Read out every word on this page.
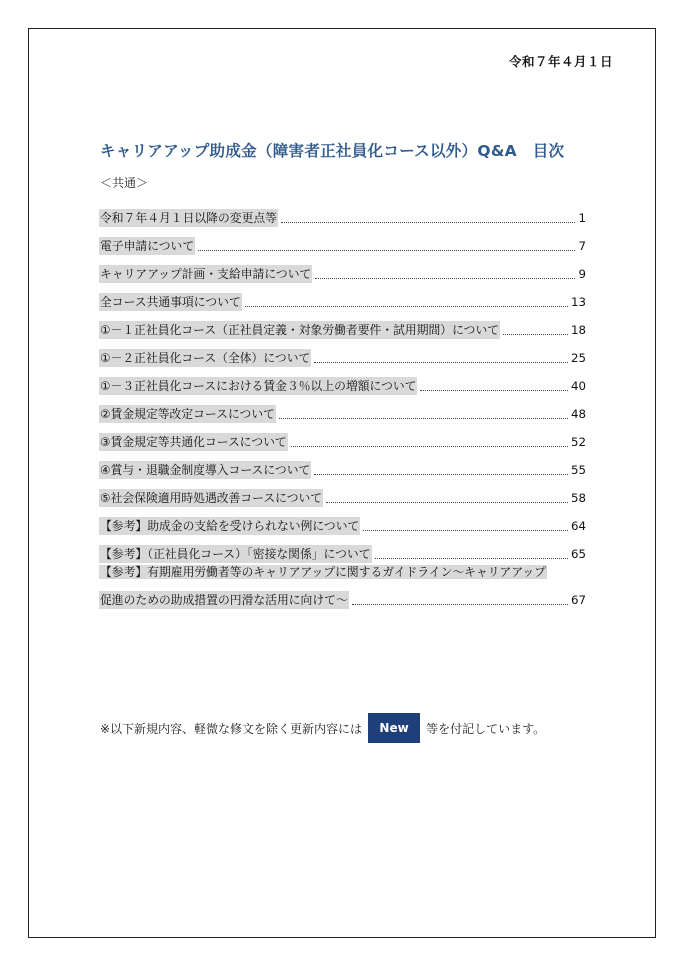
令和７年４月１日
キャリアアップ助成金（障害者正社員化コース以外）Q&A　目次
＜共通＞
令和７年４月１日以降の変更点等	1
電子申請について	7
キャリアアップ計画・支給申請について	9
全コース共通事項について	13
①－１正社員化コース（正社員定義・対象労働者要件・試用期間）について	18
①－２正社員化コース（全体）について	25
①－３正社員化コースにおける賃金３％以上の増額について	40
②賃金規定等改定コースについて	48
③賃金規定等共通化コースについて	52
④賞与・退職金制度導入コースについて	55
⑤社会保険適用時処遇改善コースについて	58
【参考】助成金の支給を受けられない例について	64
【参考】（正社員化コース）「密接な関係」について	65
【参考】有期雇用労働者等のキャリアアップに関するガイドライン～キャリアアップ
促進のための助成措置の円滑な活用に向けて～	67
※以下新規内容、軽微な修文を除く更新内容には	New	等を付記しています。
